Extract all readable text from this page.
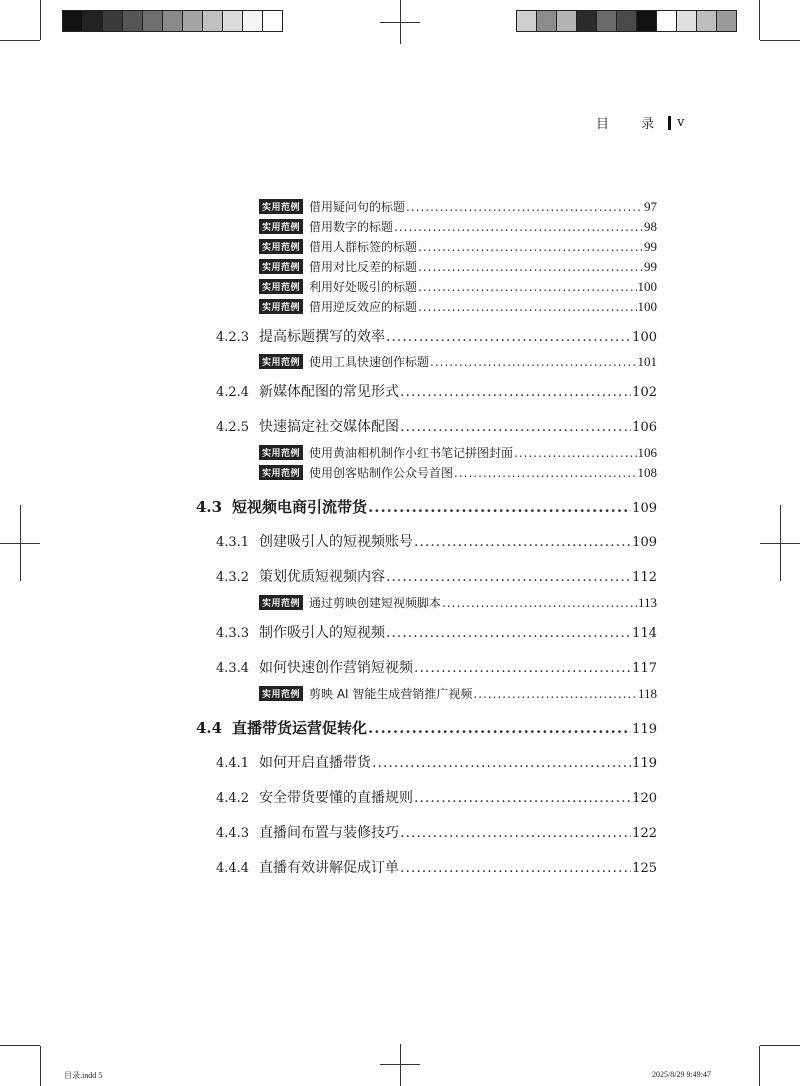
目 录 v
实用范例 借用疑问句的标题 .....	97
实用范例 借用数字的标题 .....	98
实用范例 借用人群标签的标题 .....	99
实用范例 借用对比反差的标题 .....	99
实用范例 利用好处吸引的标题 .....	100
实用范例 借用逆反效应的标题 .....	100
4.2.3 提高标题撰写的效率 .....	100
实用范例 使用工具快速创作标题 .....	101
4.2.4 新媒体配图的常见形式 .....	102
4.2.5 快速搞定社交媒体配图 .....	106
实用范例 使用黄油相机制作小红书笔记拼图封面 .....	106
实用范例 使用创客贴制作公众号首图 .....	108
4.3 短视频电商引流带货 .....	109
4.3.1 创建吸引人的短视频账号 .....	109
4.3.2 策划优质短视频内容 .....	112
实用范例 通过剪映创建短视频脚本 .....	113
4.3.3 制作吸引人的短视频 .....	114
4.3.4 如何快速创作营销短视频 .....	117
实用范例 剪映 AI 智能生成营销推广视频 .....	118
4.4 直播带货运营促转化 .....	119
4.4.1 如何开启直播带货 .....	119
4.4.2 安全带货要懂的直播规则 .....	120
4.4.3 直播间布置与装修技巧 .....	122
4.4.4 直播有效讲解促成订单 .....	125
目录.indd 5	2025/8/29 9:49:47
